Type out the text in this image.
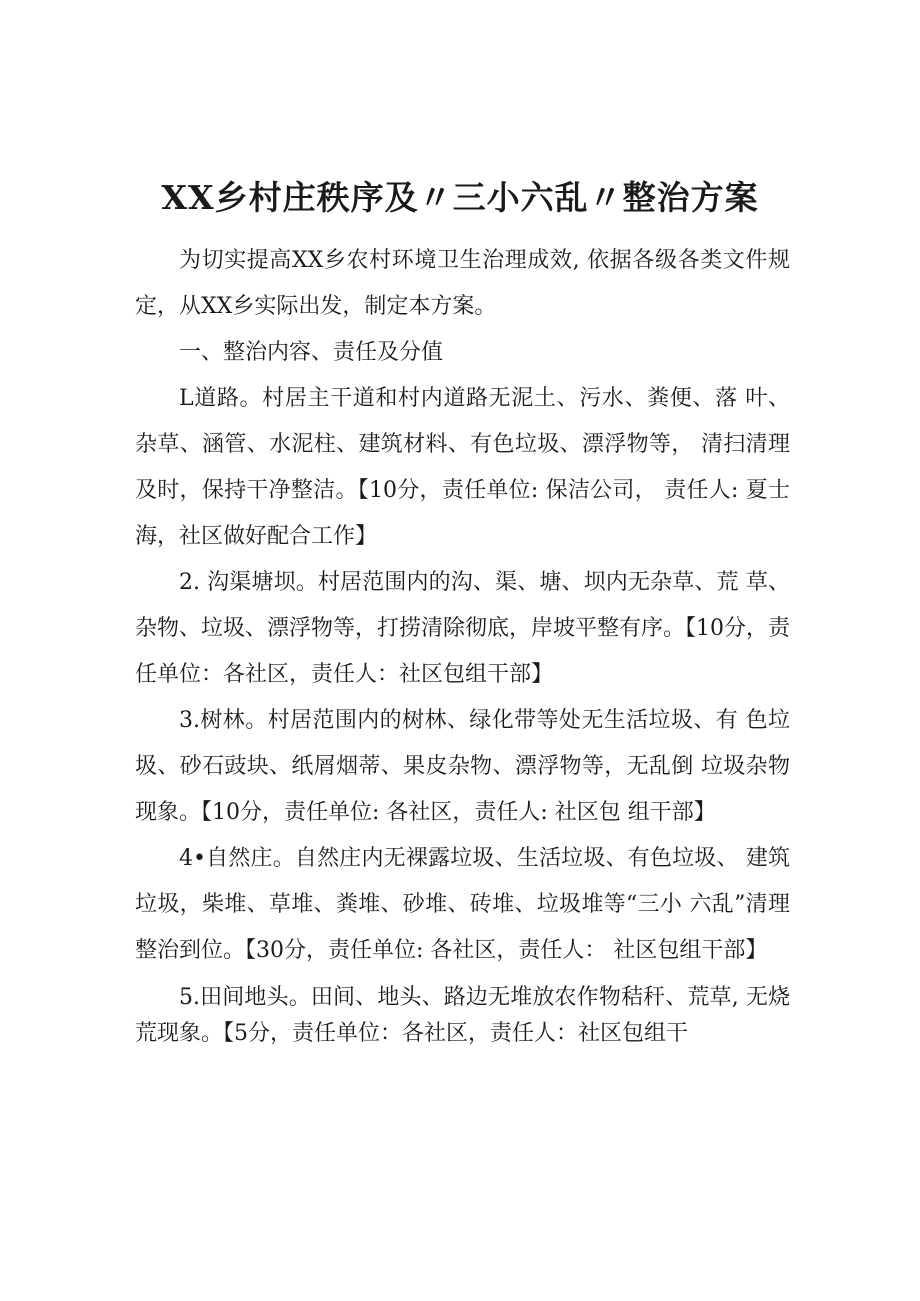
XX乡村庄秩序及〃三小六乱〃整治方案

为切实提高XX乡农村环境卫生治理成效, 依据各级各类文件规定，从XX乡实际出发，制定本方案。

一、整治内容、责任及分值

L道路。村居主干道和村内道路无泥土、污水、粪便、落 叶、杂草、涵管、水泥柱、建筑材料、有色垃圾、漂浮物等， 清扫清理及时，保持干净整洁。【10分，责任单位: 保洁公司， 责任人: 夏士海，社区做好配合工作】

2. 沟渠塘坝。村居范围内的沟、渠、塘、坝内无杂草、荒 草、杂物、垃圾、漂浮物等，打捞清除彻底，岸坡平整有序。【10分，责任单位：各社区，责任人：社区包组干部】

3.树林。村居范围内的树林、绿化带等处无生活垃圾、有 色垃圾、砂石豉块、纸屑烟蒂、果皮杂物、漂浮物等，无乱倒 垃圾杂物现象。【10分，责任单位: 各社区，责任人: 社区包 组干部】

4•自然庄。自然庄内无裸露垃圾、生活垃圾、有色垃圾、 建筑垃圾，柴堆、草堆、粪堆、砂堆、砖堆、垃圾堆等“三小 六乱”清理整治到位。【30分，责任单位: 各社区，责任人： 社区包组干部】

5.田间地头。田间、地头、路边无堆放农作物秸秆、荒草, 无烧荒现象。【5分，责任单位：各社区，责任人：社区包组干
